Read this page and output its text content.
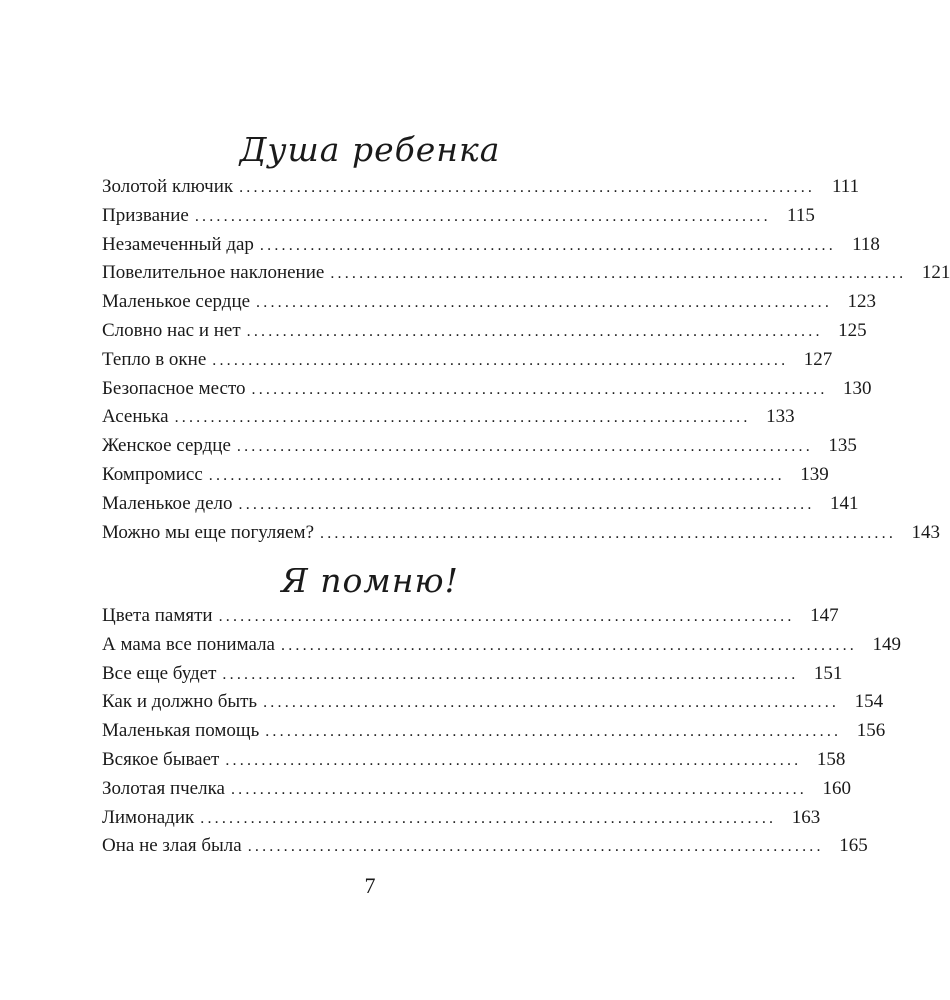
Душа ребенка
Золотой ключик ................................................................................ 111
Призвание ................................................................................ 115
Незамеченный дар ................................................................................ 118
Повелительное наклонение ................................................................................ 121
Маленькое сердце ................................................................................ 123
Словно нас и нет ................................................................................ 125
Тепло в окне ................................................................................ 127
Безопасное место ................................................................................ 130
Асенька ................................................................................ 133
Женское сердце ................................................................................ 135
Компромисс ................................................................................ 139
Маленькое дело ................................................................................ 141
Можно мы еще погуляем? ................................................................................ 143
Я помню!
Цвета памяти ................................................................................ 147
А мама все понимала ................................................................................ 149
Все еще будет ................................................................................ 151
Как и должно быть ................................................................................ 154
Маленькая помощь ................................................................................ 156
Всякое бывает ................................................................................ 158
Золотая пчелка ................................................................................ 160
Лимонадик ................................................................................ 163
Она не злая была ................................................................................ 165
7
